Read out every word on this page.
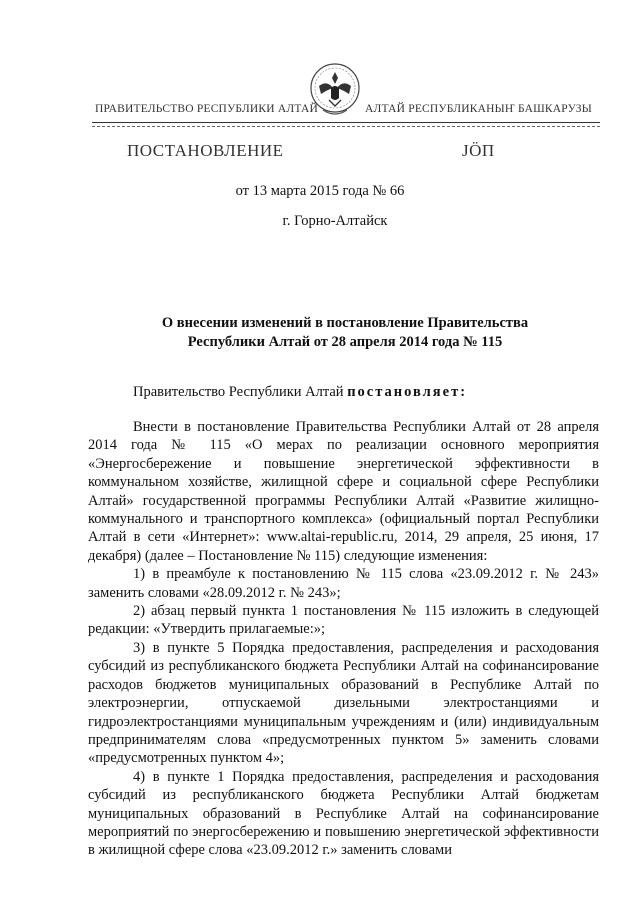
ПРАВИТЕЛЬСТВО РЕСПУБЛИКИ АЛТАЙ	АЛТАЙ РЕСПУБЛИКАНЫҤ БАШКАРУЗЫ
ПОСТАНОВЛЕНИЕ	ЈӦП
от 13 марта 2015 года № 66
г. Горно-Алтайск
О внесении изменений в постановление Правительства
Республики Алтай от 28 апреля 2014 года № 115
Правительство Республики Алтай постановляет:

Внести в постановление Правительства Республики Алтай от 28 апреля 2014 года № 115 «О мерах по реализации основного мероприятия «Энергосбережение и повышение энергетической эффективности в коммунальном хозяйстве, жилищной сфере и социальной сфере Республики Алтай» государственной программы Республики Алтай «Развитие жилищно-коммунального и транспортного комплекса» (официальный портал Республики Алтай в сети «Интернет»: www.altai-republic.ru, 2014, 29 апреля, 25 июня, 17 декабря) (далее – Постановление № 115) следующие изменения:

1) в преамбуле к постановлению № 115 слова «23.09.2012 г. № 243» заменить словами «28.09.2012 г. № 243»;

2) абзац первый пункта 1 постановления № 115 изложить в следующей редакции: «Утвердить прилагаемые:»;

3) в пункте 5 Порядка предоставления, распределения и расходования субсидий из республиканского бюджета Республики Алтай на софинансирование расходов бюджетов муниципальных образований в Республике Алтай по электроэнергии, отпускаемой дизельными электростанциями и гидроэлектростанциями муниципальным учреждениям и (или) индивидуальным предпринимателям слова «предусмотренных пунктом 5» заменить словами «предусмотренных пунктом 4»;

4) в пункте 1 Порядка предоставления, распределения и расходования субсидий из республиканского бюджета Республики Алтай бюджетам муниципальных образований в Республике Алтай на софинансирование мероприятий по энергосбережению и повышению энергетической эффективности в жилищной сфере слова «23.09.2012 г.» заменить словами
